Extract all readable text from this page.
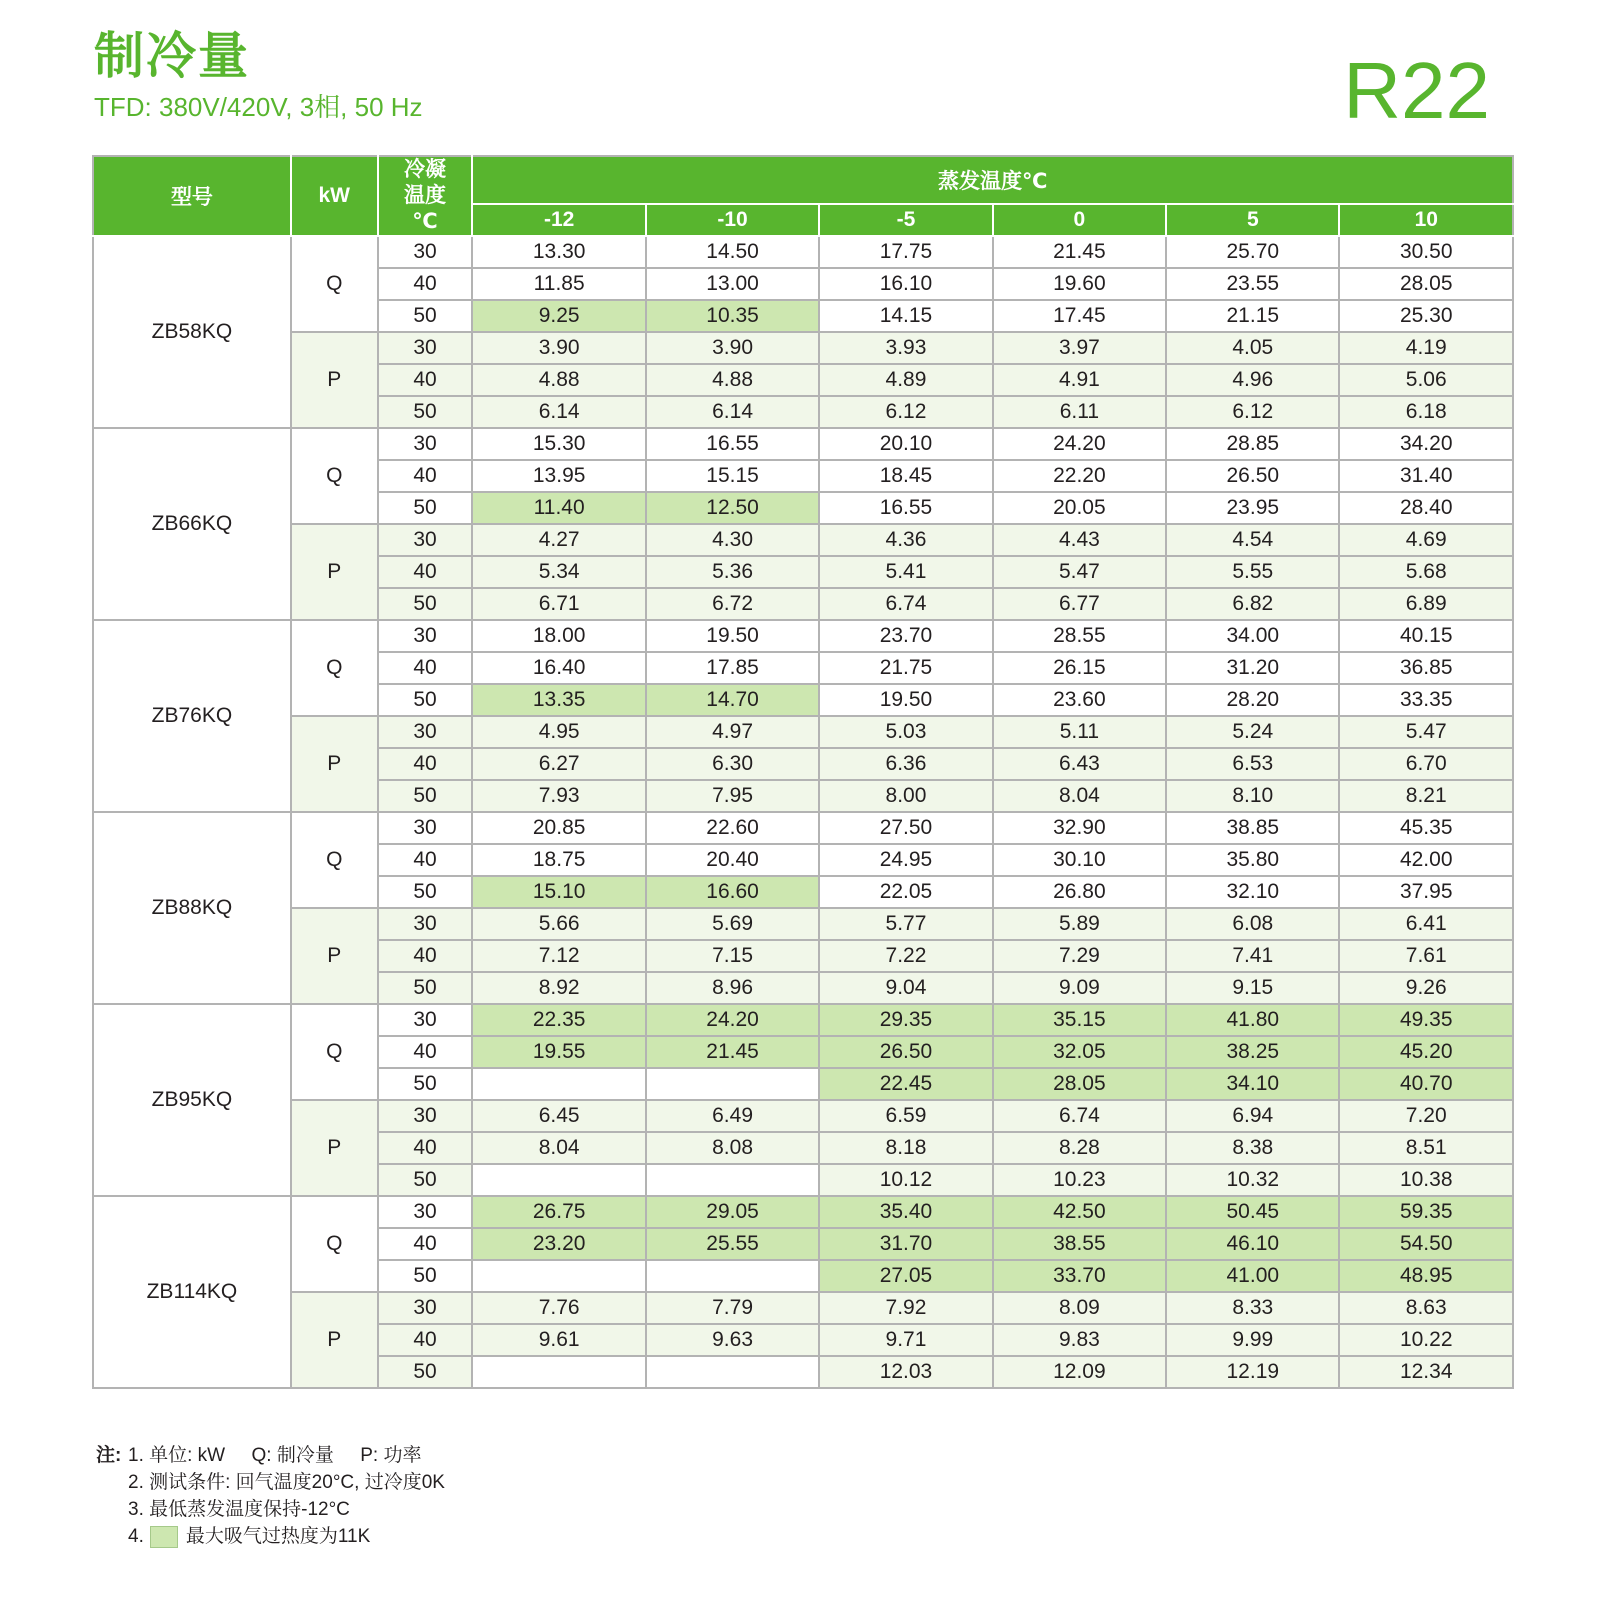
制冷量
TFD: 380V/420V, 3相, 50 Hz	R22
型号	kW	冷凝
温度
℃	蒸发温度℃					
			-12	-10	-5	0	5	10
ZB58KQ	Q	30	13.30	14.50	17.75	21.45	25.70	30.50
		40	11.85	13.00	16.10	19.60	23.55	28.05
		50	9.25	10.35	14.15	17.45	21.15	25.30
	P	30	3.90	3.90	3.93	3.97	4.05	4.19
		40	4.88	4.88	4.89	4.91	4.96	5.06
		50	6.14	6.14	6.12	6.11	6.12	6.18
ZB66KQ	Q	30	15.30	16.55	20.10	24.20	28.85	34.20
		40	13.95	15.15	18.45	22.20	26.50	31.40
		50	11.40	12.50	16.55	20.05	23.95	28.40
	P	30	4.27	4.30	4.36	4.43	4.54	4.69
		40	5.34	5.36	5.41	5.47	5.55	5.68
		50	6.71	6.72	6.74	6.77	6.82	6.89
ZB76KQ	Q	30	18.00	19.50	23.70	28.55	34.00	40.15
		40	16.40	17.85	21.75	26.15	31.20	36.85
		50	13.35	14.70	19.50	23.60	28.20	33.35
	P	30	4.95	4.97	5.03	5.11	5.24	5.47
		40	6.27	6.30	6.36	6.43	6.53	6.70
		50	7.93	7.95	8.00	8.04	8.10	8.21
ZB88KQ	Q	30	20.85	22.60	27.50	32.90	38.85	45.35
		40	18.75	20.40	24.95	30.10	35.80	42.00
		50	15.10	16.60	22.05	26.80	32.10	37.95
	P	30	5.66	5.69	5.77	5.89	6.08	6.41
		40	7.12	7.15	7.22	7.29	7.41	7.61
		50	8.92	8.96	9.04	9.09	9.15	9.26
ZB95KQ	Q	30	22.35	24.20	29.35	35.15	41.80	49.35
		40	19.55	21.45	26.50	32.05	38.25	45.20
		50			22.45	28.05	34.10	40.70
	P	30	6.45	6.49	6.59	6.74	6.94	7.20
		40	8.04	8.08	8.18	8.28	8.38	8.51
		50			10.12	10.23	10.32	10.38
ZB114KQ	Q	30	26.75	29.05	35.40	42.50	50.45	59.35
		40	23.20	25.55	31.70	38.55	46.10	54.50
		50			27.05	33.70	41.00	48.95
	P	30	7.76	7.79	7.92	8.09	8.33	8.63
		40	9.61	9.63	9.71	9.83	9.99	10.22
		50			12.03	12.09	12.19	12.34
注: 1. 单位: kW     Q: 制冷量     P: 功率
2. 测试条件: 回气温度20°C, 过冷度0K
3. 最低蒸发温度保持-12°C
4. 最大吸气过热度为11K
